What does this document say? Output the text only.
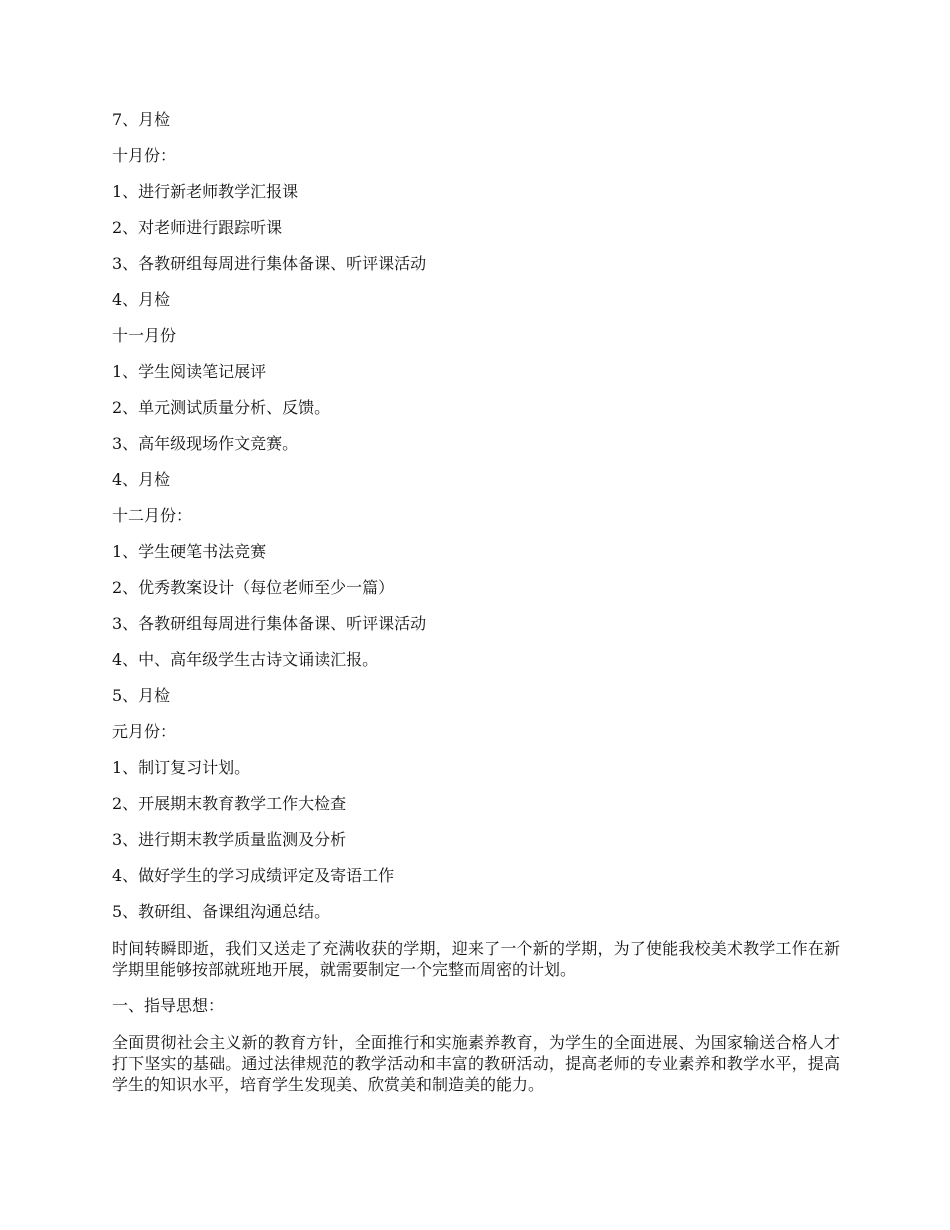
7、月检
十月份：
1、进行新老师教学汇报课
2、对老师进行跟踪听课
3、各教研组每周进行集体备课、听评课活动
4、月检
十一月份
1、学生阅读笔记展评
2、单元测试质量分析、反馈。
3、高年级现场作文竞赛。
4、月检
十二月份：
1、学生硬笔书法竞赛
2、优秀教案设计（每位老师至少一篇）
3、各教研组每周进行集体备课、听评课活动
4、中、高年级学生古诗文诵读汇报。
5、月检
元月份：
1、制订复习计划。
2、开展期末教育教学工作大检查
3、进行期末教学质量监测及分析
4、做好学生的学习成绩评定及寄语工作
5、教研组、备课组沟通总结。

时间转瞬即逝，我们又送走了充满收获的学期，迎来了一个新的学期，为了使能我校美术教学工作在新学期里能够按部就班地开展，就需要制定一个完整而周密的计划。

一、指导思想：

全面贯彻社会主义新的教育方针，全面推行和实施素养教育，为学生的全面进展、为国家输送合格人才打下坚实的基础。通过法律规范的教学活动和丰富的教研活动，提高老师的专业素养和教学水平，提高学生的知识水平，培育学生发现美、欣赏美和制造美的能力。
